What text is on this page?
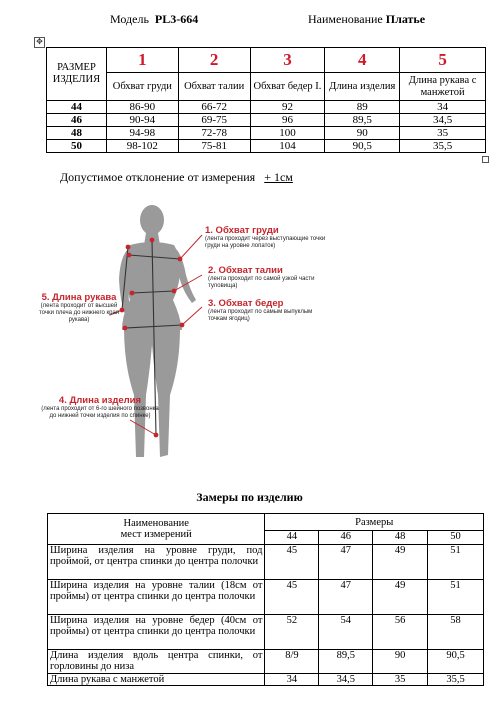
Модель PL3-664	Наименование Платье
✥
РАЗМЕР ИЗДЕЛИЯ	1	2	3	4	5
	Обхват груди	Обхват талии	Обхват бедер I.	Длина изделия	Длина рукава с манжетой
44	86-90	66-72	92	89	34
46	90-94	69-75	96	89,5	34,5
48	94-98	72-78	100	90	35
50	98-102	75-81	104	90,5	35,5
Допустимое отклонение от измерения + 1см
1. Обхват груди
(лента проходит через выступающие точки груди на уровне лопаток)
2. Обхват талии
(лента проходит по самой узкой части туловища)
3. Обхват бедер
(лента проходит по самым выпуклым точкам ягодиц)
5. Длина рукава
(лента проходит от высшей точки плеча до нижнего края рукава)
4. Длина изделия
(лента проходит от 6-го шейного позвонка до нижней точки изделия по спинке)
Замеры по изделию
Наименование
мест измерений	Размеры			
	44	46	48	50
Ширина изделия на уровне груди, под проймой, от центра спинки до центра полочки	45	47	49	51
Ширина изделия на уровне талии (18см от проймы) от центра спинки до центра полочки	45	47	49	51
Ширина изделия на уровне бедер (40см от проймы) от центра спинки до центра полочки	52	54	56	58
Длина изделия вдоль центра спинки, от горловины до низа	8/9	89,5	90	90,5
Длина рукава с манжетой	34	34,5	35	35,5
